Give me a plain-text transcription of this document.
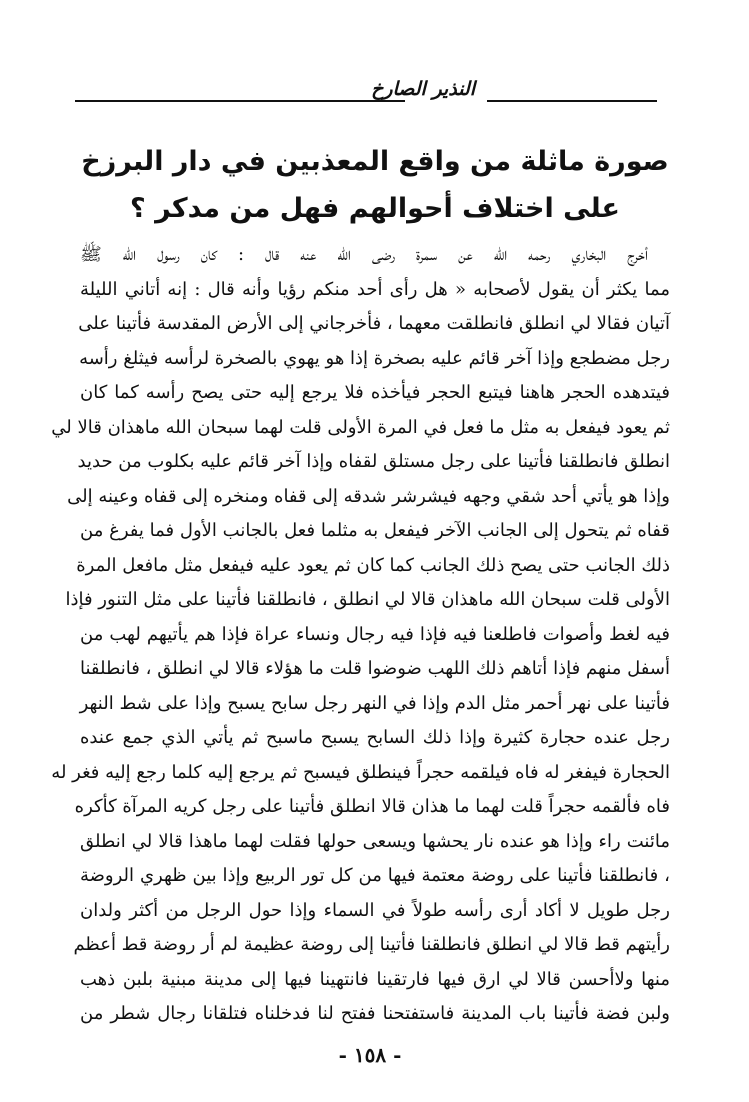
النذير الصارخ
صورة ماثلة من واقع المعذبين في دار البرزخ
على اختلاف أحوالهم فهل من مدكر ؟
أخرج البخاري رحمه الله عن سمرة رضى الله عنه قال : كان رسول الله ﷺ
مما يكثر أن يقول لأصحابه « هل رأى أحد منكم رؤيا وأنه قال : إنه أتاني الليلة
آتيان فقالا لي انطلق فانطلقت معهما ، فأخرجاني إلى الأرض المقدسة فأتينا على
رجل مضطجع وإذا آخر قائم عليه بصخرة إذا هو يهوي بالصخرة لرأسه فيثلغ رأسه
فيتدهده الحجر هاهنا فيتبع الحجر فيأخذه فلا يرجع إليه حتى يصح رأسه كما كان
ثم يعود فيفعل به مثل ما فعل في المرة الأولى قلت لهما سبحان الله ماهذان قالا لي
انطلق فانطلقنا فأتينا على رجل مستلق لقفاه وإذا آخر قائم عليه بكلوب من حديد
وإذا هو يأتي أحد شقي وجهه فيشرشر شدقه إلى قفاه ومنخره إلى قفاه وعينه إلى
قفاه ثم يتحول إلى الجانب الآخر فيفعل به مثلما فعل بالجانب الأول فما يفرغ من
ذلك الجانب حتى يصح ذلك الجانب كما كان ثم يعود عليه فيفعل مثل مافعل المرة
الأولى قلت سبحان الله ماهذان قالا لي انطلق ، فانطلقنا فأتينا على مثل التنور فإذا
فيه لغط وأصوات فاطلعنا فيه فإذا فيه رجال ونساء عراة فإذا هم يأتيهم لهب من
أسفل منهم فإذا أتاهم ذلك اللهب ضوضوا قلت ما هؤلاء قالا لي انطلق ، فانطلقنا
فأتينا على نهر أحمر مثل الدم وإذا في النهر رجل سابح يسبح وإذا على شط النهر
رجل عنده حجارة كثيرة وإذا ذلك السابح يسبح ماسبح ثم يأتي الذي جمع عنده
الحجارة فيفغر له فاه فيلقمه حجراً فينطلق فيسبح ثم يرجع إليه كلما رجع إليه فغر له
فاه فألقمه حجراً قلت لهما ما هذان قالا انطلق فأتينا على رجل كريه المرآة كأكره
مائنت راء وإذا هو عنده نار يحشها ويسعى حولها فقلت لهما ماهذا قالا لي انطلق
، فانطلقنا فأتينا على روضة معتمة فيها من كل تور الربيع وإذا بين ظهري الروضة
رجل طويل لا أكاد أرى رأسه طولاً في السماء وإذا حول الرجل من أكثر ولدان
رأيتهم قط قالا لي انطلق فانطلقنا فأتينا إلى روضة عظيمة لم أر روضة قط أعظم
منها ولاأحسن قالا لي ارق فيها فارتقينا فانتهينا فيها إلى مدينة مبنية بلبن ذهب
ولبن فضة فأتينا باب المدينة فاستفتحنا ففتح لنا فدخلناه فتلقانا رجال شطر من
- ١٥٨ -
